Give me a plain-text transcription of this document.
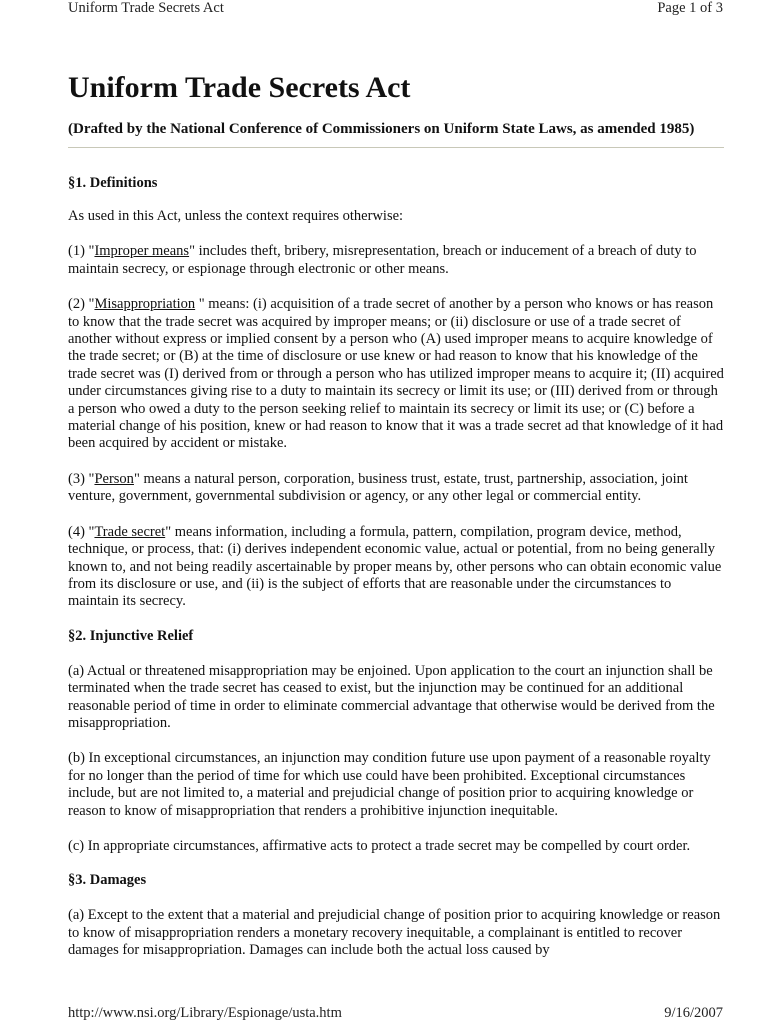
Uniform Trade Secrets Act	Page 1 of 3
Uniform Trade Secrets Act
(Drafted by the National Conference of Commissioners on Uniform State Laws, as amended 1985)
§1. Definitions

As used in this Act, unless the context requires otherwise:

(1) "Improper means" includes theft, bribery, misrepresentation, breach or inducement of a breach of duty to maintain secrecy, or espionage through electronic or other means.

(2) "Misappropriation " means: (i) acquisition of a trade secret of another by a person who knows or has reason to know that the trade secret was acquired by improper means; or (ii) disclosure or use of a trade secret of another without express or implied consent by a person who (A) used improper means to acquire knowledge of the trade secret; or (B) at the time of disclosure or use knew or had reason to know that his knowledge of the trade secret was (I) derived from or through a person who has utilized improper means to acquire it; (II) acquired under circumstances giving rise to a duty to maintain its secrecy or limit its use; or (III) derived from or through a person who owed a duty to the person seeking relief to maintain its secrecy or limit its use; or (C) before a material change of his position, knew or had reason to know that it was a trade secret ad that knowledge of it had been acquired by accident or mistake.

(3) "Person" means a natural person, corporation, business trust, estate, trust, partnership, association, joint venture, government, governmental subdivision or agency, or any other legal or commercial entity.

(4) "Trade secret" means information, including a formula, pattern, compilation, program device, method, technique, or process, that: (i) derives independent economic value, actual or potential, from no being generally known to, and not being readily ascertainable by proper means by, other persons who can obtain economic value from its disclosure or use, and (ii) is the subject of efforts that are reasonable under the circumstances to maintain its secrecy.

§2. Injunctive Relief

(a) Actual or threatened misappropriation may be enjoined. Upon application to the court an injunction shall be terminated when the trade secret has ceased to exist, but the injunction may be continued for an additional reasonable period of time in order to eliminate commercial advantage that otherwise would be derived from the misappropriation.

(b) In exceptional circumstances, an injunction may condition future use upon payment of a reasonable royalty for no longer than the period of time for which use could have been prohibited. Exceptional circumstances include, but are not limited to, a material and prejudicial change of position prior to acquiring knowledge or reason to know of misappropriation that renders a prohibitive injunction inequitable.

(c) In appropriate circumstances, affirmative acts to protect a trade secret may be compelled by court order.

§3. Damages

(a) Except to the extent that a material and prejudicial change of position prior to acquiring knowledge or reason to know of misappropriation renders a monetary recovery inequitable, a complainant is entitled to recover damages for misappropriation. Damages can include both the actual loss caused by

http://www.nsi.org/Library/Espionage/usta.htm	9/16/2007
